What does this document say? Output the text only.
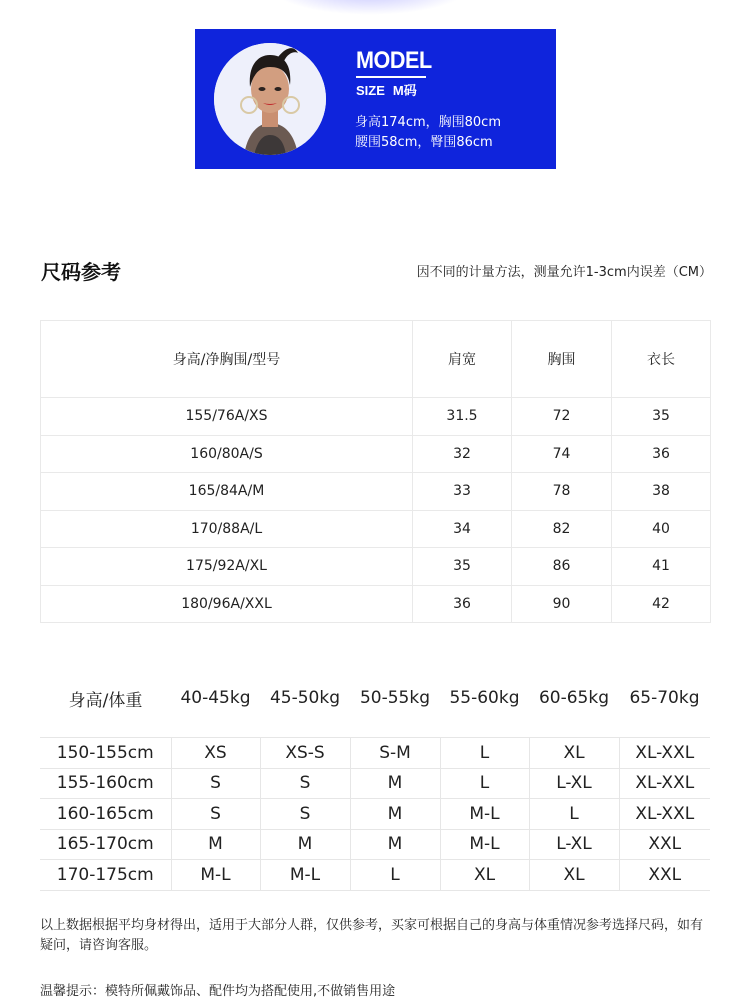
MODEL
SIZE M码
身高174cm，胸围80cm
腰围58cm，臀围86cm
尺码参考	因不同的计量方法，测量允许1-3cm内误差（CM）
身高/净胸围/型号	肩宽	胸围	衣长
155/76A/XS	31.5	72	35
160/80A/S	32	74	36
165/84A/M	33	78	38
170/88A/L	34	82	40
175/92A/XL	35	86	41
180/96A/XXL	36	90	42
身高/体重	40-45kg	45-50kg	50-55kg	55-60kg	60-65kg	65-70kg

150-155cm	XS	XS-S	S-M	L	XL	XL-XXL
155-160cm	S	S	M	L	L-XL	XL-XXL
160-165cm	S	S	M	M-L	L	XL-XXL
165-170cm	M	M	M	M-L	L-XL	XXL
170-175cm	M-L	M-L	L	XL	XL	XXL
以上数据根据平均身材得出，适用于大部分人群，仅供参考，买家可根据自己的身高与体重情况参考选择尺码，如有疑问，请咨询客服。
温馨提示：模特所佩戴饰品、配件均为搭配使用,不做销售用途
